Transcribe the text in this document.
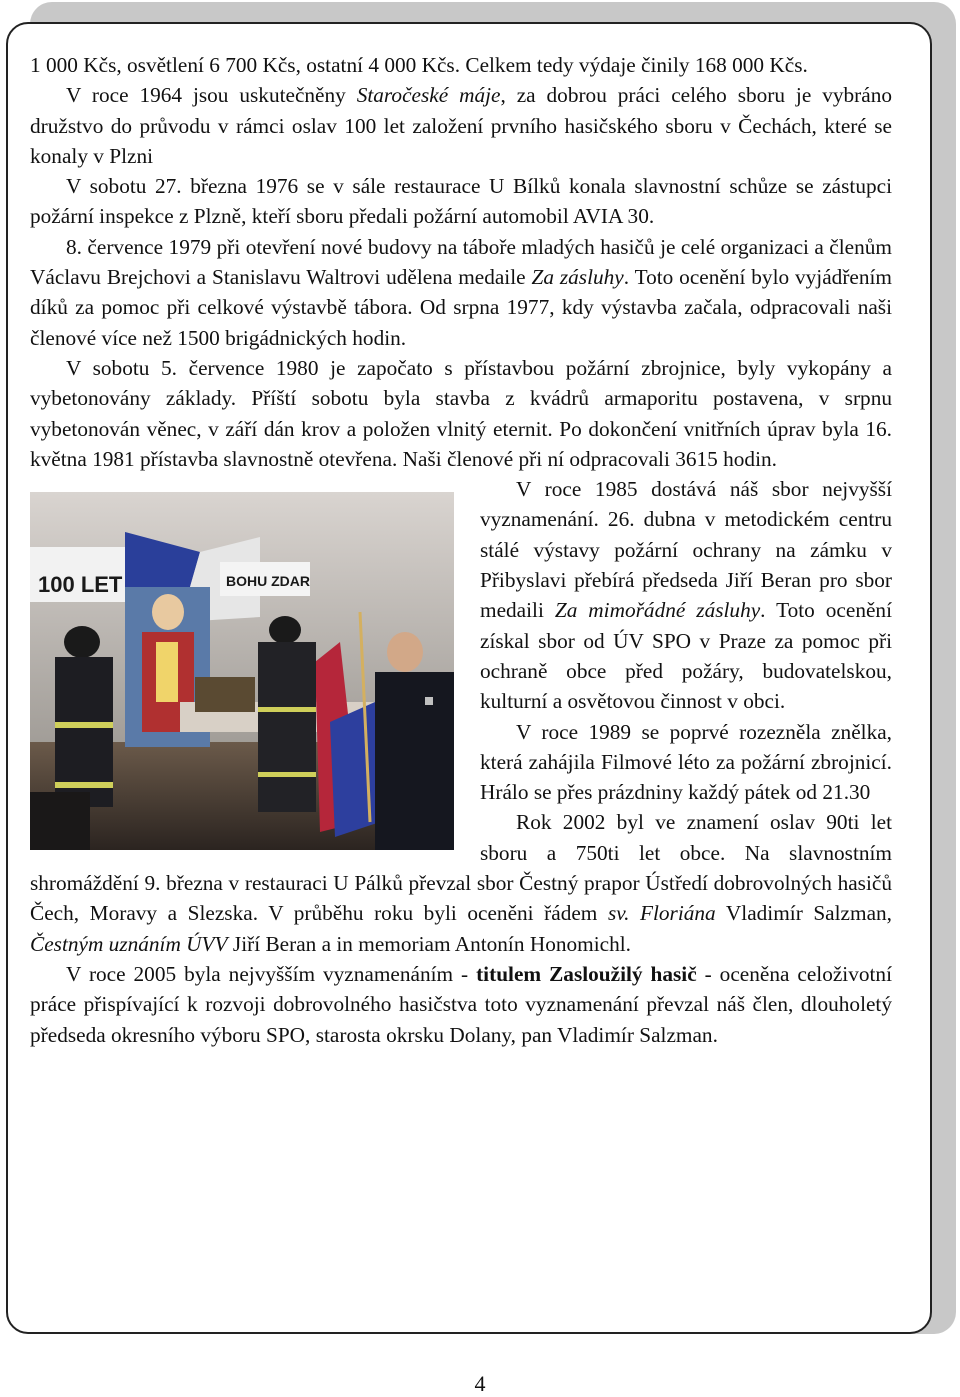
1 000 Kčs, osvětlení 6 700 Kčs, ostatní 4 000 Kčs. Celkem tedy výdaje činily 168 000 Kčs.

V roce 1964 jsou uskutečněny Staročeské máje, za dobrou práci celého sboru je vybráno družstvo do průvodu v rámci oslav 100 let založení prvního hasičského sboru v Čechách, které se konaly v Plzni

V sobotu 27. března 1976 se v sále restaurace U Bílků konala slavnostní schůze se zástupci požární inspekce z Plzně, kteří sboru předali požární automobil AVIA 30.

8. července 1979 při otevření nové budovy na táboře mladých hasičů je celé organizaci a členům Václavu Brejchovi a Stanislavu Waltrovi udělena medaile Za zásluhy. Toto ocenění bylo vyjádřením díků za pomoc při celkové výstavbě tábora. Od srpna 1977, kdy výstavba začala, odpracovali naši členové více než 1500 brigádnických hodin.

V sobotu 5. července 1980 je započato s přístavbou požární zbrojnice, byly vykopány a vybetonovány základy. Příští sobotu byla stavba z kvádrů armaporitu postavena, v srpnu vybetonován věnec, v září dán krov a položen vlnitý eternit. Po dokončení vnitřních úprav byla 16. května 1981 přístavba slavnostně otevřena. Naši členové při ní odpracovali 3615 hodin.

100 LET	BOHU ZDAR

V roce 1985 dostává náš sbor nejvyšší vyznamenání. 26. dubna v metodickém centru stálé výstavy požární ochrany na zámku v Přibyslavi přebírá předseda Jiří Beran pro sbor medaili Za mimořádné zásluhy. Toto ocenění získal sbor od ÚV SPO v Praze za pomoc při ochraně obce před požáry, budovatelskou, kulturní a osvětovou činnost v obci.

V roce 1989 se poprvé rozezněla znělka, která zahájila Filmové léto za požární zbrojnicí. Hrálo se přes prázdniny každý pátek od 21.30

Rok 2002 byl ve znamení oslav 90ti let sboru a 750ti let obce. Na slavnostním shromáždění 9. března v restauraci U Pálků převzal sbor Čestný prapor Ústředí dobrovolných hasičů Čech, Moravy a Slezska. V průběhu roku byli oceněni řádem sv. Floriána Vladimír Salzman, Čestným uznáním ÚVV Jiří Beran a in memoriam Antonín Honomichl.

V roce 2005 byla nejvyšším vyznamenáním - titulem Zasloužilý hasič - oceněna celoživotní práce přispívající k rozvoji dobrovolného hasičstva toto vyznamenání převzal náš člen, dlouholetý předseda okresního výboru SPO, starosta okrsku Dolany, pan Vladimír Salzman.

4
